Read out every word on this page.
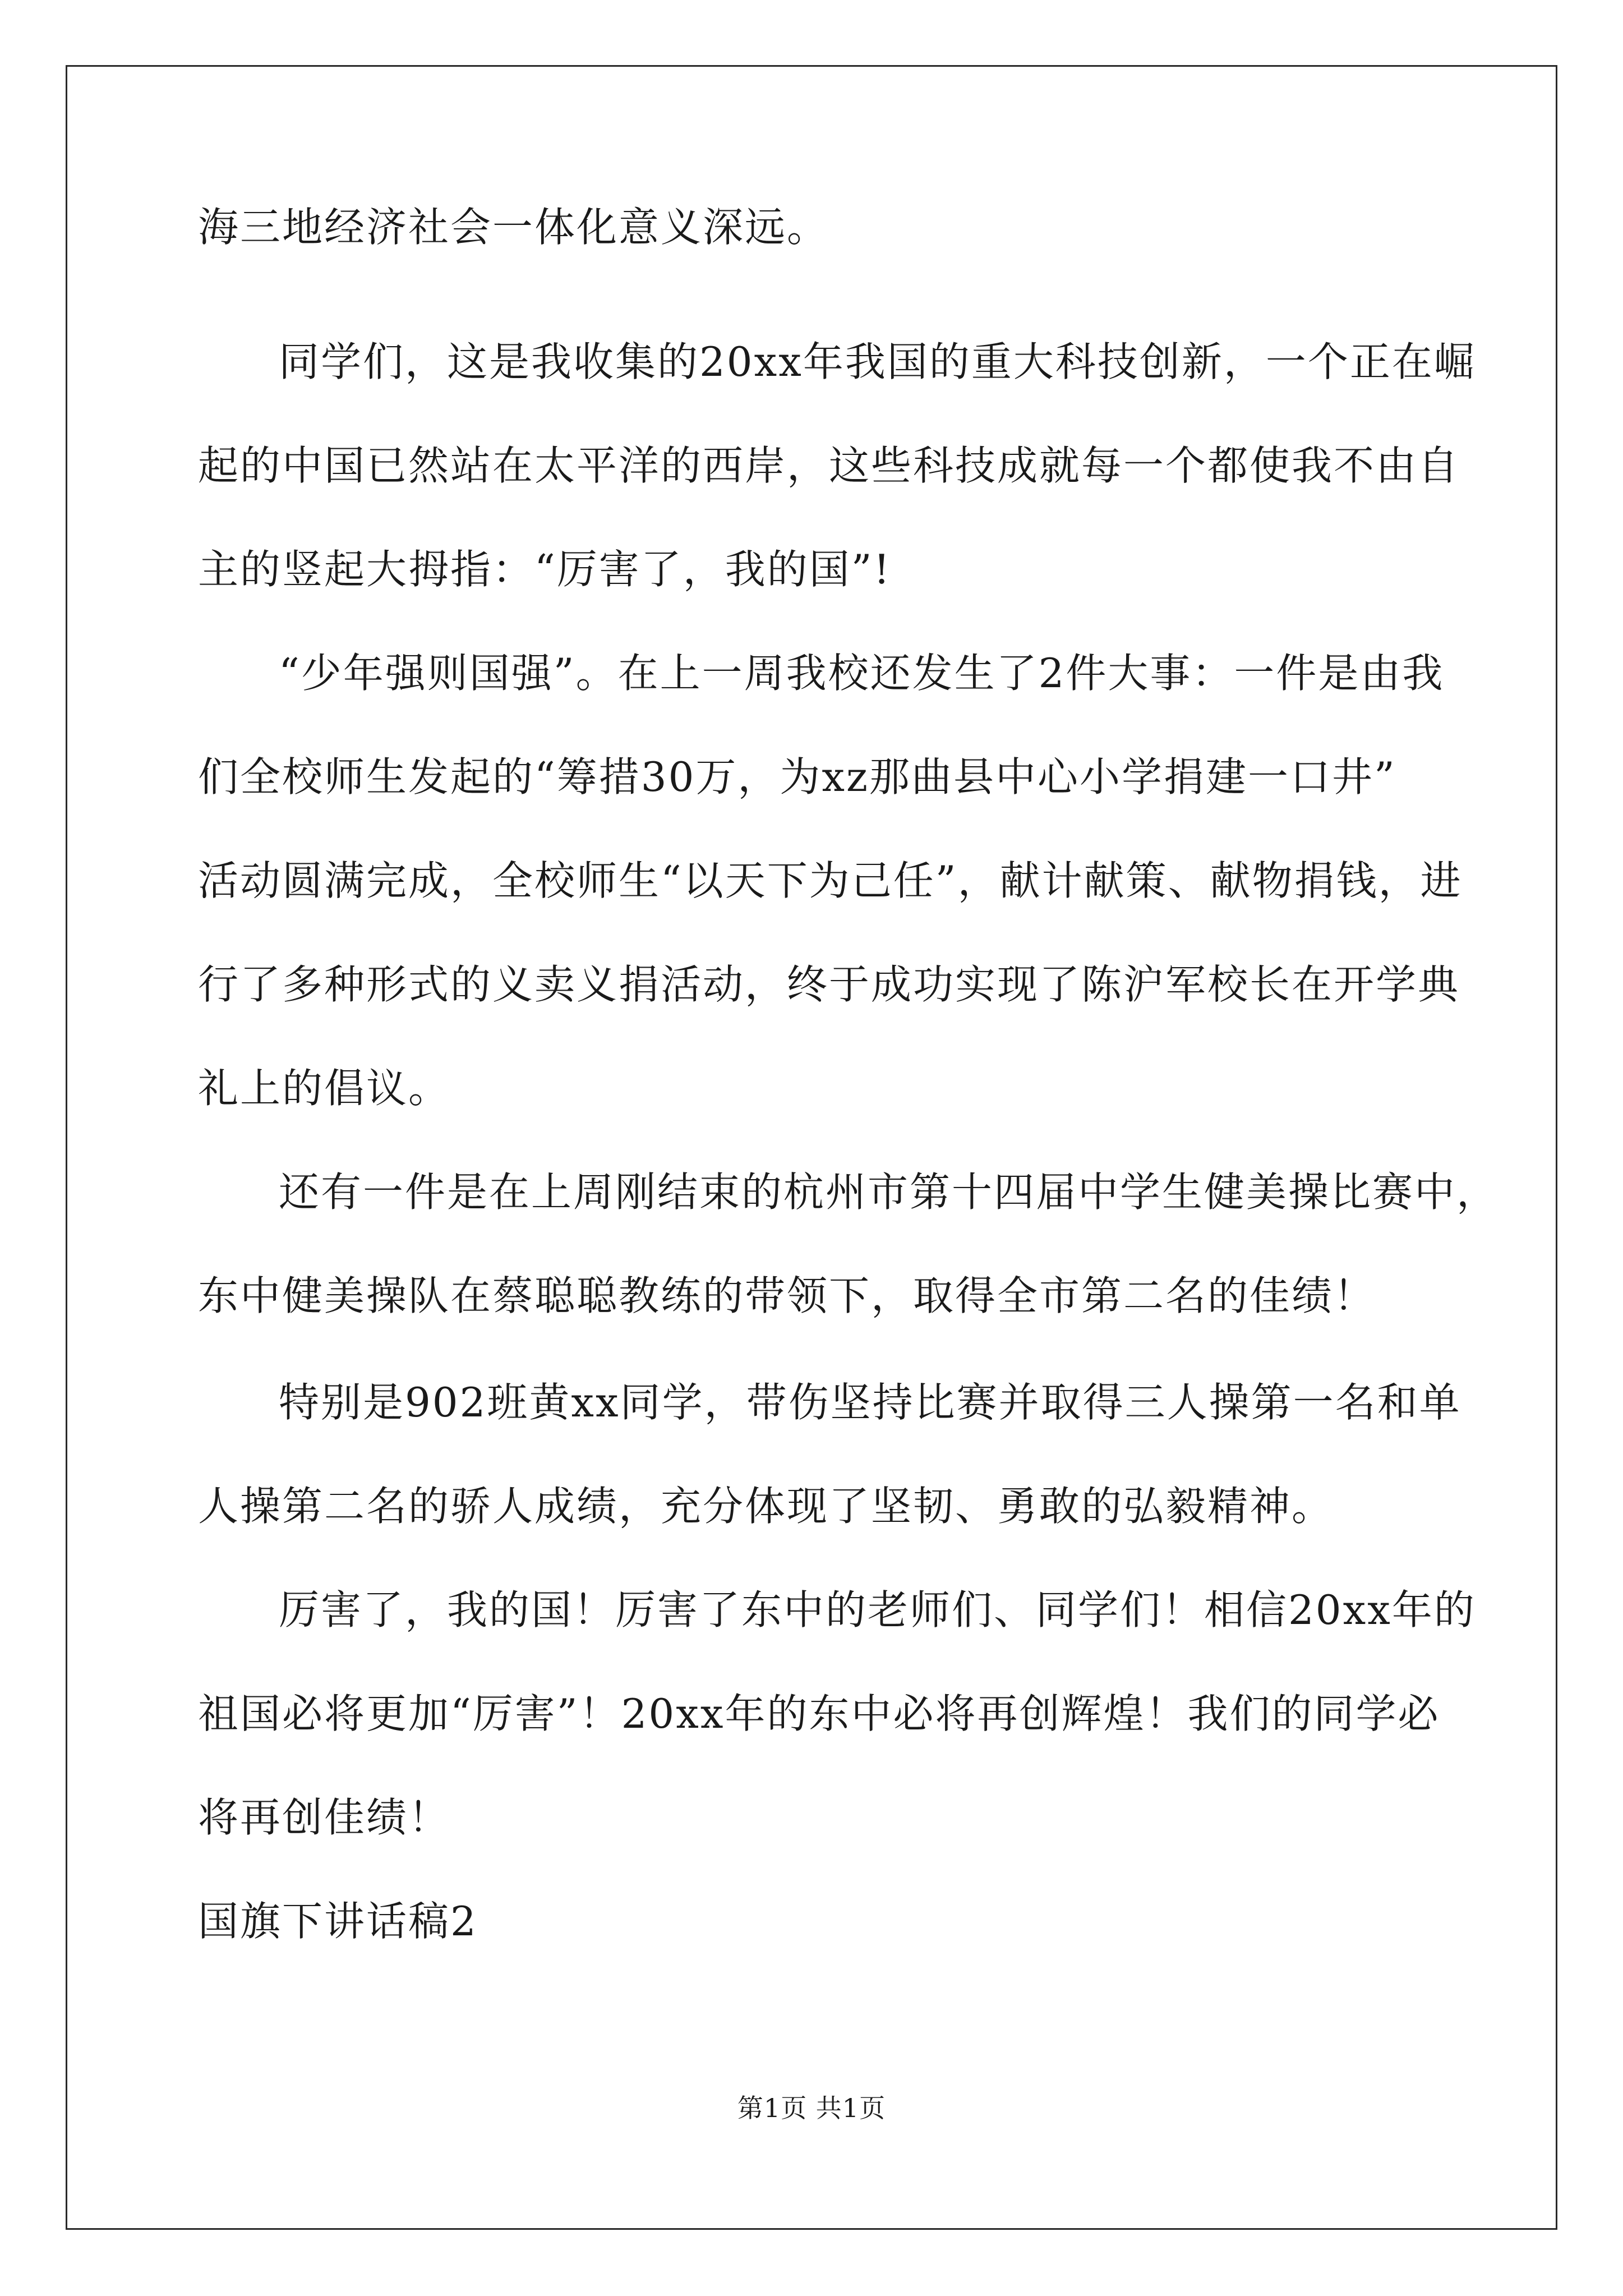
海三地经济社会一体化意义深远。
同学们，这是我收集的20xx年我国的重大科技创新，一个正在崛
起的中国已然站在太平洋的西岸，这些科技成就每一个都使我不由自
主的竖起大拇指：“厉害了，我的国”!
“少年强则国强”。在上一周我校还发生了2件大事：一件是由我
们全校师生发起的“筹措30万，为xz那曲县中心小学捐建一口井”
活动圆满完成，全校师生“以天下为己任”，献计献策、献物捐钱，进
行了多种形式的义卖义捐活动，终于成功实现了陈沪军校长在开学典
礼上的倡议。
还有一件是在上周刚结束的杭州市第十四届中学生健美操比赛中，
东中健美操队在蔡聪聪教练的带领下，取得全市第二名的佳绩！
特别是902班黄xx同学，带伤坚持比赛并取得三人操第一名和单
人操第二名的骄人成绩，充分体现了坚韧、勇敢的弘毅精神。
厉害了，我的国！厉害了东中的老师们、同学们！相信20xx年的
祖国必将更加“厉害”！20xx年的东中必将再创辉煌！我们的同学必
将再创佳绩！
国旗下讲话稿2
第1页 共1页
